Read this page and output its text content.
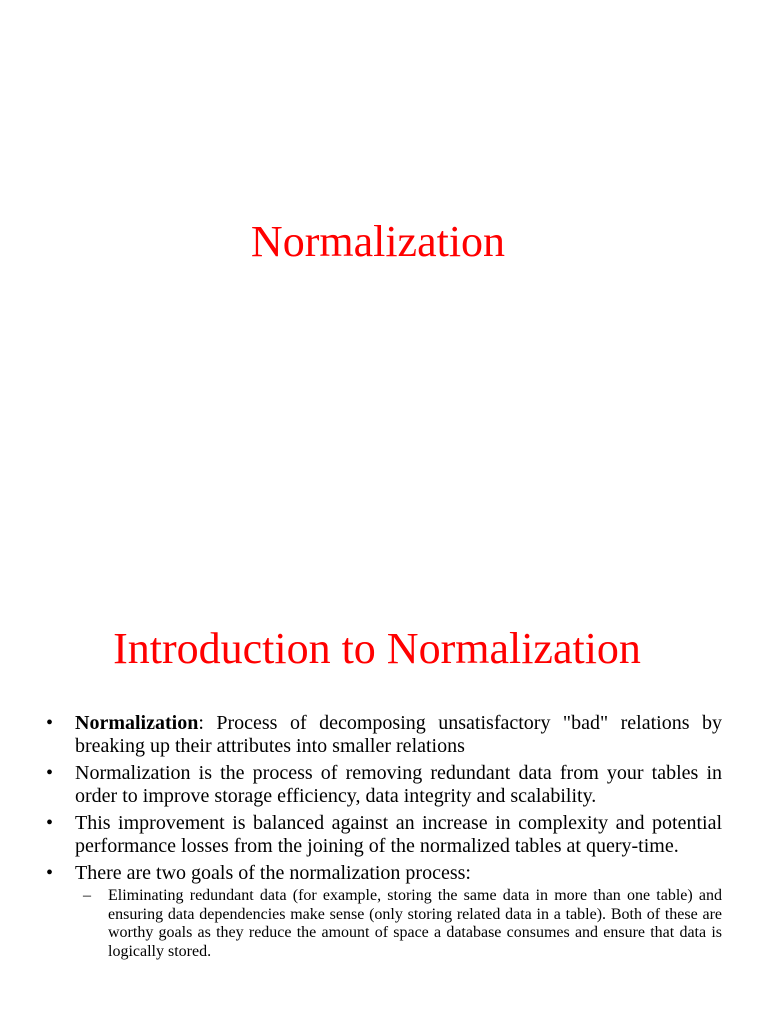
Normalization
Introduction to Normalization
• Normalization: Process of decomposing unsatisfactory "bad" relations by breaking up their attributes into smaller relations
• Normalization is the process of removing redundant data from your tables in order to improve storage efficiency, data integrity and scalability.
• This improvement is balanced against an increase in complexity and potential performance losses from the joining of the normalized tables at query-time.
• There are two goals of the normalization process:
– Eliminating redundant data (for example, storing the same data in more than one table) and ensuring data dependencies make sense (only storing related data in a table). Both of these are worthy goals as they reduce the amount of space a database consumes and ensure that data is logically stored.
